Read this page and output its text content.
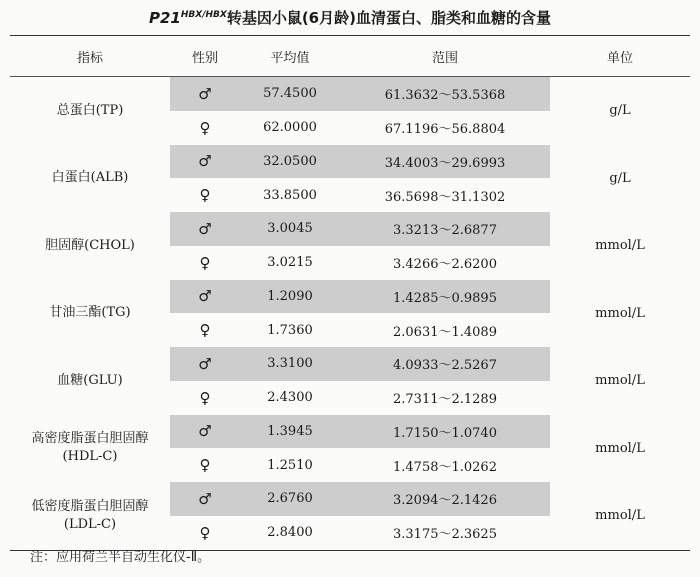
$P21^{HBX/HBX}$转基因小鼠(6月龄)血清蛋白、脂类和血糖的含量
指标	性别	平均值	范围	单位
总蛋白(TP)
♂	57.4500	61.3632～53.5368
♀	62.0000	67.1196～56.8804
g/L
白蛋白(ALB)
♂	32.0500	34.4003～29.6993
♀	33.8500	36.5698～31.1302
g/L
胆固醇(CHOL)
♂	3.0045	3.3213～2.6877
♀	3.0215	3.4266～2.6200
mmol/L
甘油三酯(TG)
♂	1.2090	1.4285～0.9895
♀	1.7360	2.0631～1.4089
mmol/L
血糖(GLU)
♂	3.3100	4.0933～2.5267
♀	2.4300	2.7311～2.1289
mmol/L
高密度脂蛋白胆固醇
(HDL-C)
♂	1.3945	1.7150～1.0740
♀	1.2510	1.4758～1.0262
mmol/L
低密度脂蛋白胆固醇
(LDL-C)
♂	2.6760	3.2094～2.1426
♀	2.8400	3.3175～2.3625
mmol/L
注：应用荷兰半自动生化仪-Ⅱ。
